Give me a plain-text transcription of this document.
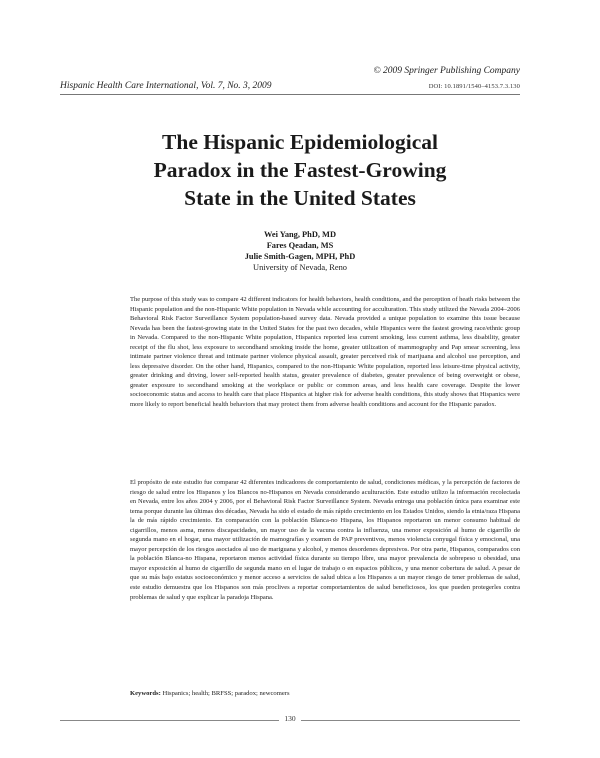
© 2009 Springer Publishing Company
Hispanic Health Care International, Vol. 7, No. 3, 2009	DOI: 10.1891/1540–4153.7.3.130
The Hispanic Epidemiological
Paradox in the Fastest-Growing
State in the United States
Wei Yang, PhD, MD
Fares Qeadan, MS
Julie Smith-Gagen, MPH, PhD
University of Nevada, Reno
The purpose of this study was to compare 42 different indicators for health behaviors, health conditions, and the perception of heath risks between the Hispanic population and the non-Hispanic White population in Nevada while accounting for acculturation. This study utilized the Nevada 2004–2006 Behavioral Risk Factor Surveillance System population-based survey data. Nevada provided a unique population to examine this issue because Nevada has been the fastest-growing state in the United States for the past two decades, while Hispanics were the fastest growing race/ethnic group in Nevada. Compared to the non-Hispanic White population, Hispanics reported less current smoking, less current asthma, less disability, greater receipt of the flu shot, less exposure to secondhand smoking inside the home, greater utilization of mammography and Pap smear screening, less intimate partner violence threat and intimate partner violence physical assault, greater perceived risk of marijuana and alcohol use perception, and less depressive disorder. On the other hand, Hispanics, compared to the non-Hispanic White population, reported less leisure-time physical activity, greater drinking and driving, lower self-reported health status, greater prevalence of diabetes, greater prevalence of being overweight or obese, greater exposure to secondhand smoking at the workplace or public or common areas, and less health care coverage. Despite the lower socioeconomic status and access to health care that place Hispanics at higher risk for adverse health conditions, this study shows that Hispanics were more likely to report beneficial health behaviors that may protect them from adverse health conditions and account for the Hispanic paradox.
El propósito de este estudio fue comparar 42 diferentes indicadores de comportamiento de salud, condiciones médicas, y la percepción de factores de riesgo de salud entre los Hispanos y los Blancos no-Hispanos en Nevada considerando aculturación. Este estudio utilizo la información recolectada en Nevada, entre los años 2004 y 2006, por el Behavioral Risk Factor Surveillance System. Nevada entrega una población única para examinar este tema porque durante las últimas dos décadas, Nevada ha sido el estado de más rápido crecimiento en los Estados Unidos, siendo la etnia/raza Hispana la de más rápido crecimiento. En comparación con la población Blanca-no Hispana, los Hispanos reportaron un menor consumo habitual de cigarrillos, menos asma, menos discapacidades, un mayor uso de la vacuna contra la influenza, una menor exposición al humo de cigarrillo de segunda mano en el hogar, una mayor utilización de mamografías y examen de PAP preventivos, menos violencia conyugal física y emocional, una mayor percepción de los riesgos asociados al uso de mariguana y alcohol, y menos desordenes depresivos. Por otra parte, Hispanos, comparados con la población Blanca-no Hispana, reportaron menos actividad física durante su tiempo libre, una mayor prevalencia de sobrepeso u obesidad, una mayor exposición al humo de cigarrillo de segunda mano en el lugar de trabajo o en espacios públicos, y una menor cobertura de salud. A pesar de que su más bajo estatus socioeconómico y menor acceso a servicios de salud ubica a los Hispanos a un mayor riesgo de tener problemas de salud, este estudio demuestra que los Hispanos son más proclives a reportar comportamientos de salud beneficiosos, los que pueden protegerles contra problemas de salud y que explicar la paradoja Hispana.
Keywords: Hispanics; health; BRFSS; paradox; newcomers
130
